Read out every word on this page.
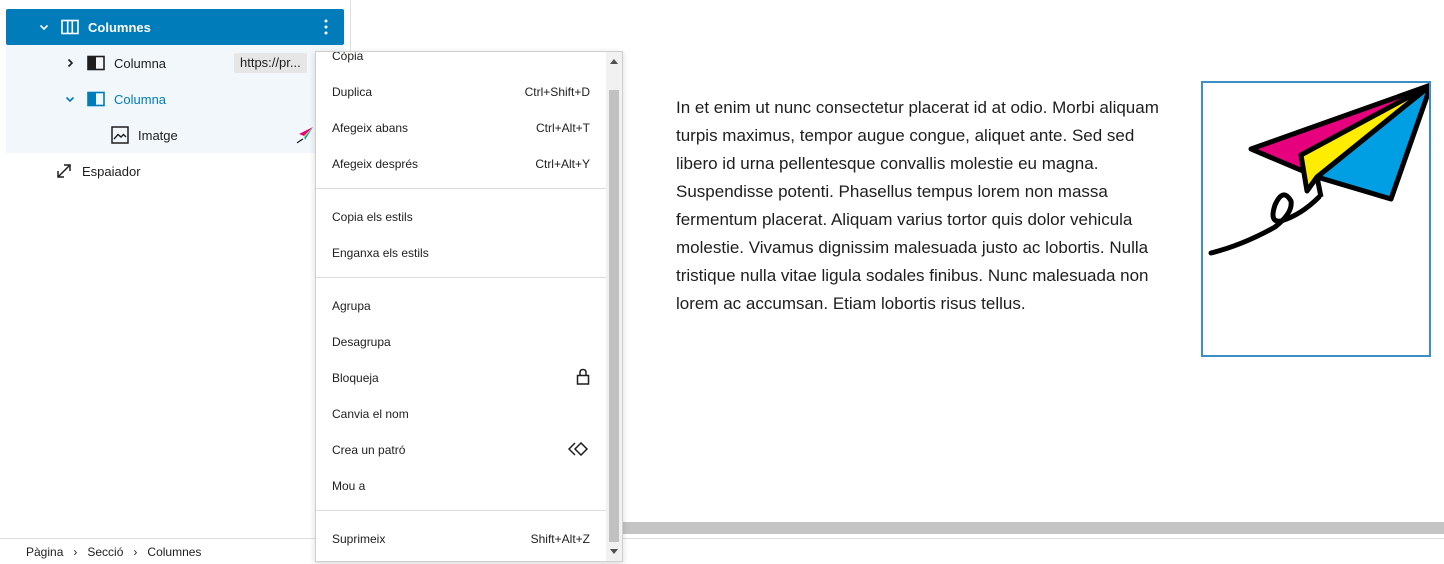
Columnes
Columna	https://pr...
Columna
Imatge
Espaiador
In et enim ut nunc consectetur placerat id at odio. Morbi aliquam turpis maximus, tempor augue congue, aliquet ante. Sed sed libero id urna pellentesque convallis molestie eu magna. Suspendisse potenti. Phasellus tempus lorem non massa fermentum placerat. Aliquam varius tortor quis dolor vehicula molestie. Vivamus dignissim malesuada justo ac lobortis. Nulla tristique nulla vitae ligula sodales finibus. Nunc malesuada non lorem ac accumsan. Etiam lobortis risus tellus.
Pàgina › Secció › Columnes
Còpia
Duplica	Ctrl+Shift+D
Afegeix abans	Ctrl+Alt+T
Afegeix després	Ctrl+Alt+Y
Copia els estils
Enganxa els estils
Agrupa
Desagrupa
Bloqueja
Canvia el nom
Crea un patró
Mou a
Suprimeix	Shift+Alt+Z
